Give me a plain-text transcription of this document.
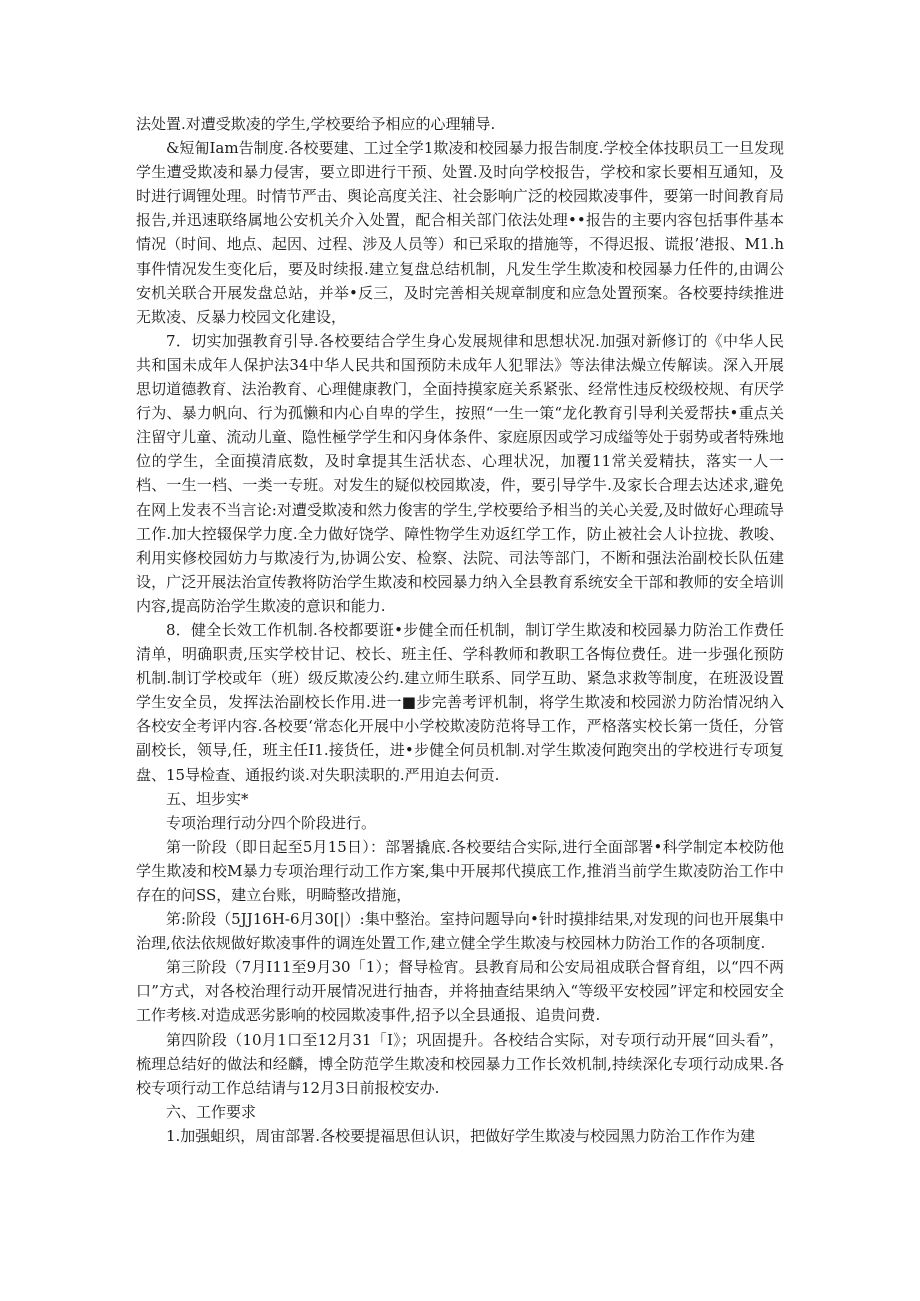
法处置.对遭受欺凌的学生,学校要给予相应的心理辅导.

&短匍Iam告制度.各校要建、工过全学1欺凌和校园暴力报告制度.学校全体技职员工一旦发现学生遭受欺凌和暴力侵害，要立即进行干预、处置.及时向学校报告，学校和家长要相互通知，及时进行调锂处理。时情节严击、舆论高度关注、社会影响广泛的校园欺凌事件，要第一时间教育局报告,并迅速联络属地公安机关介入处置，配合相关部门依法处理••报告的主要内容包括事件基本情况（时间、地点、起因、过程、涉及人员等）和已采取的措施等，不得迟报、谎报’港报、M1.h事件情况发生变化后，要及时续报.建立复盘总结机制，凡发生学生欺凌和校园暴力任件的,由调公安机关联合开展发盘总站，并举•反三，及时完善相关规章制度和应急处置预案。各校要持续推进无欺凌、反暴力校园文化建设，

7．切实加强教育引导.各校要结合学生身心发展规律和思想状况.加强对新修订的《中华人民共和国未成年人保护法34中华人民共和国预防未成年人犯罪法》等法律法燥立传解读。深入开展思切道德教育、法治教育、心理健康教门，全面持摸家庭关系紧张、经常性违反校级校规、有厌学行为、暴力帆向、行为孤懒和内心自卑的学生，按照“一生一策“龙化教育引导利关爱帮扶•重点关注留守儿童、流动儿童、隐性極学学生和闪身体条件、家庭原因或学习成缢等处于弱势或者特殊地位的学生，全面摸清底数，及时拿提其生活状态、心理状况，加覆11常关爱精扶，落实一人一档、一生一档、一类一专班。对发生的疑似校园欺凌，件，要引导学牛.及家长合理去达述求,避免在网上发表不当言论:对遭受欺凌和然力俊害的学生,学校要给予相当的关心关爱,及时做好心理疏导工作.加大控辍保学力度.全力做好饶学、障性物学生劝返红学工作，防止被社会人讣拉拢、教唆、利用实修校园妨力与欺凌行为,协调公安、检察、法院、司法等部门，不断和强法治副校长队伍建设，广泛开展法治宣传教将防治学生欺凌和校园暴力纳入全县教育系统安全干部和教师的安全培训内容,提高防治学生欺凌的意识和能力.

8．健全长效工作机制.各校都要诳•步健全而任机制，制订学生欺凌和校园暴力防治工作费任清单，明确职责,压实学校甘记、校长、班主任、学科教师和教职工各悔位费任。进一步强化预防机制.制订学校或年（班）级反欺凌公约.建立师生联系、同学互助、紧急求救等制度，在班汲设置学生安全员，发挥法治副校长作用.进一■步完善考评机制，将学生欺凌和校园淤力防治情况纳入各校安全考评内容.各校要‘常态化开展中小学校欺凌防范将导工作，严格落实校长第一货任，分管副校长，领导,任，班主任I1.接货任，进•步健全何员机制.对学生欺凌何跑突出的学校进行专项复盘、15导检查、通报约谈.对失职渎职的.严用迫去何贡.

五、坦步实*

专项治理行动分四个阶段进行。

第一阶段（即日起至5月15日）：部署撬底.各校要结合实际,进行全面部署•科学制定本校防他学生欺凌和校M暴力专项治理行动工作方案,集中开展邦代摸底工作,推消当前学生欺凌防治工作中存在的问SS，建立台账，明畸整改措施，

笫:阶段（5JJ16H-6月30[|）:集中整治。室持问题导向•针时摸排结果,对发现的问也开展集中治理,依法依规做好欺凌事件的调连处置工作,建立健全学生欺凌与校园林力防治工作的各项制度.

第三阶段（7月I11至9月30「1）；督导检宵。县教育局和公安局祖成联合督育组，以“四不两口”方式，对各校治理行动开展情况进行抽杳，并将抽查结果纳入“等级平安校园”评定和校园安全工作考核.对造成恶劣影响的校园欺凌事件,招予以全县通报、追贵问费.

第四阶段（10月1口至12月31「I》；巩固提升。各校结合实际，对专项行动开展“回头看”，梳理总结好的做法和经麟，博全防范学生欺凌和校园暴力工作长效机制,持续深化专项行动成果.各校专项行动工作总结请与12月3日前报校安办.

六、工作要求

1.加强蛆织，周宙部署.各校要提福思但认识，把做好学生欺凌与校园黑力防治工作作为建
